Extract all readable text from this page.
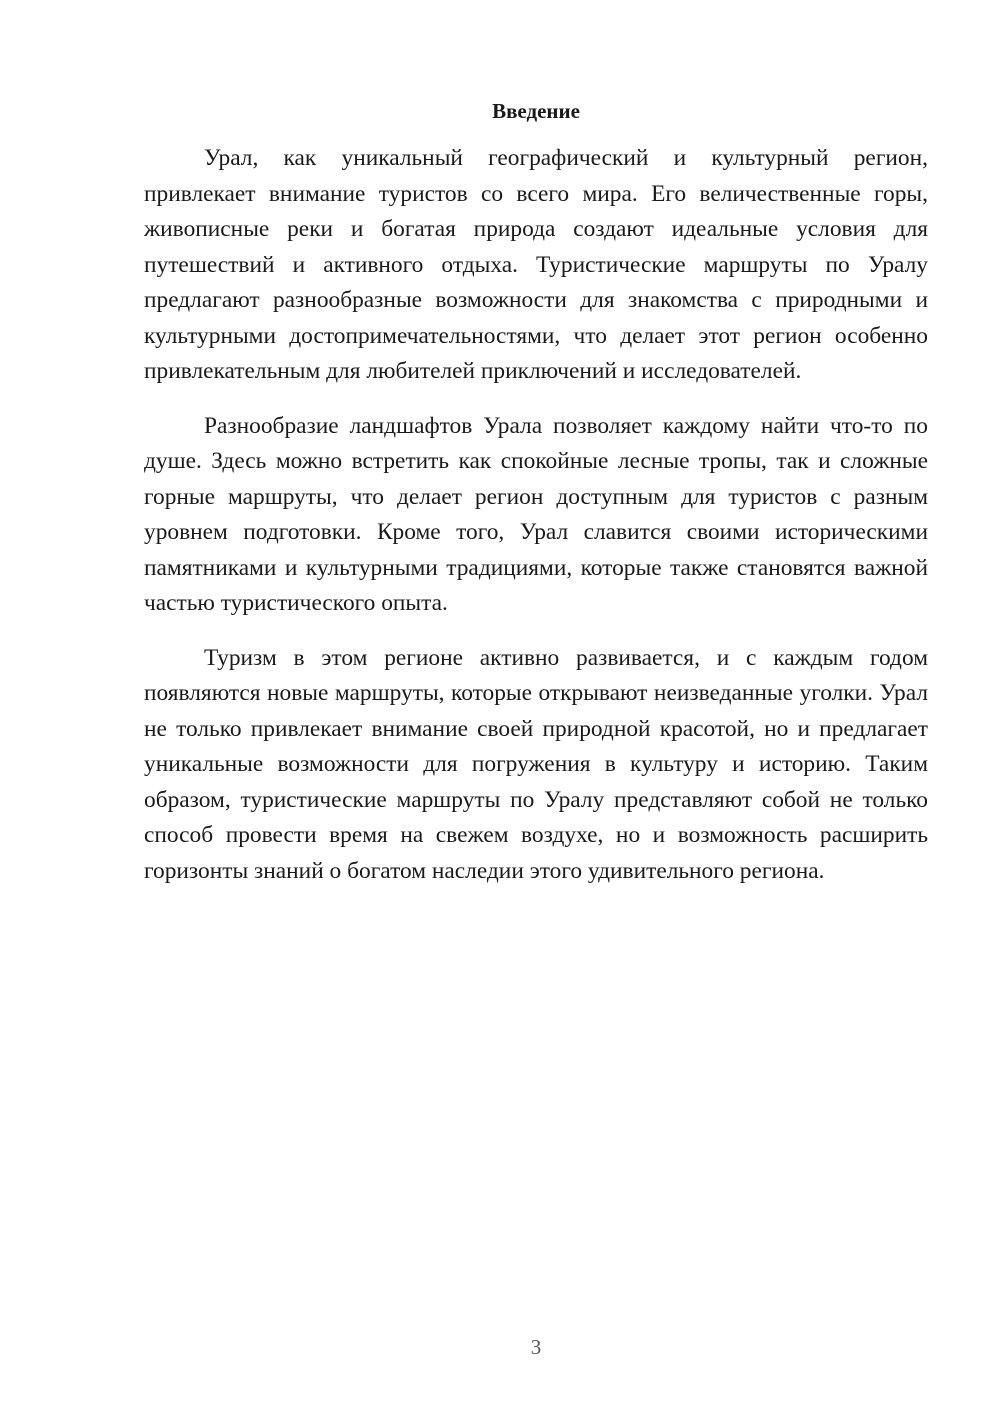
Введение

Урал, как уникальный географический и культурный регион, привлекает внимание туристов со всего мира. Его величественные горы, живописные реки и богатая природа создают идеальные условия для путешествий и активного отдыха. Туристические маршруты по Уралу предлагают разнообразные возможности для знакомства с природными и культурными достопримечательностями, что делает этот регион особенно привлекательным для любителей приключений и исследователей.

Разнообразие ландшафтов Урала позволяет каждому найти что-то по душе. Здесь можно встретить как спокойные лесные тропы, так и сложные горные маршруты, что делает регион доступным для туристов с разным уровнем подготовки. Кроме того, Урал славится своими историческими памятниками и культурными традициями, которые также становятся важной частью туристического опыта.

Туризм в этом регионе активно развивается, и с каждым годом появляются новые маршруты, которые открывают неизведанные уголки. Урал не только привлекает внимание своей природной красотой, но и предлагает уникальные возможности для погружения в культуру и историю. Таким образом, туристические маршруты по Уралу представляют собой не только способ провести время на свежем воздухе, но и возможность расширить горизонты знаний о богатом наследии этого удивительного региона.

3
